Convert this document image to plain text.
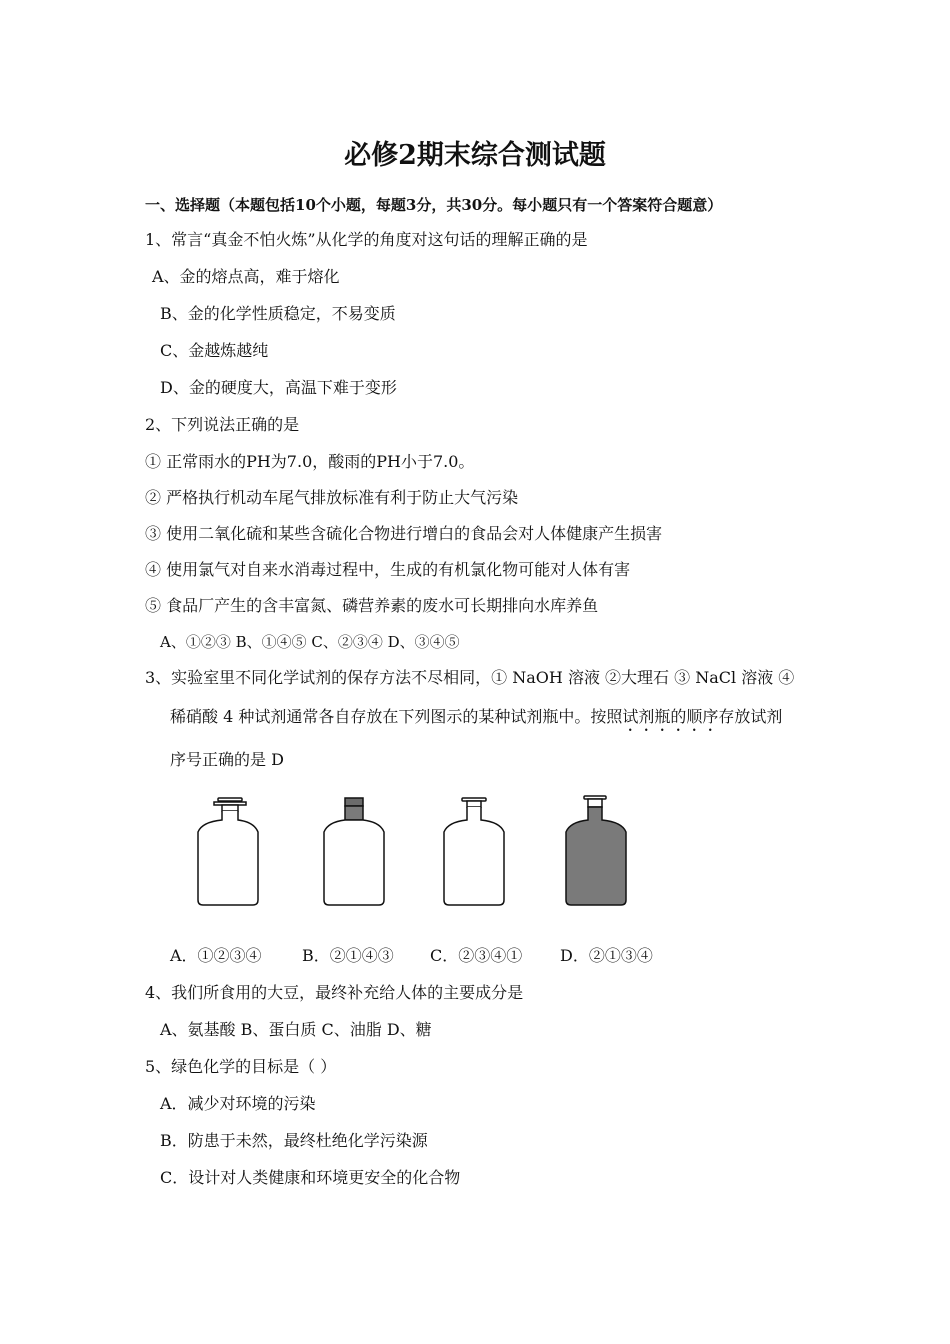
必修2期末综合测试题
一、选择题（本题包括10个小题，每题3分，共30分。每小题只有一个答案符合题意）
1、常言“真金不怕火炼”从化学的角度对这句话的理解正确的是
A、金的熔点高，难于熔化
B、金的化学性质稳定，不易变质
C、金越炼越纯
D、金的硬度大，高温下难于变形
2、下列说法正确的是
① 正常雨水的PH为7.0，酸雨的PH小于7.0。
② 严格执行机动车尾气排放标准有利于防止大气污染
③ 使用二氧化硫和某些含硫化合物进行增白的食品会对人体健康产生损害
④ 使用氯气对自来水消毒过程中，生成的有机氯化物可能对人体有害
⑤ 食品厂产生的含丰富氮、磷营养素的废水可长期排向水库养鱼
A、①②③ B、①④⑤ C、②③④ D、③④⑤
3、实验室里不同化学试剂的保存方法不尽相同，① NaOH 溶液 ②大理石 ③ NaCl 溶液 ④
稀硝酸 4 种试剂通常各自存放在下列图示的某种试剂瓶中。按照试剂瓶的顺序存放试剂
序号正确的是 D
A．①②③④	B．②①④③ C．②③④① D．②①③④
4、我们所食用的大豆，最终补充给人体的主要成分是
A、氨基酸 B、蛋白质 C、油脂 D、糖
5、绿色化学的目标是（ ）
A．减少对环境的污染
B．防患于未然，最终杜绝化学污染源
C．设计对人类健康和环境更安全的化合物
